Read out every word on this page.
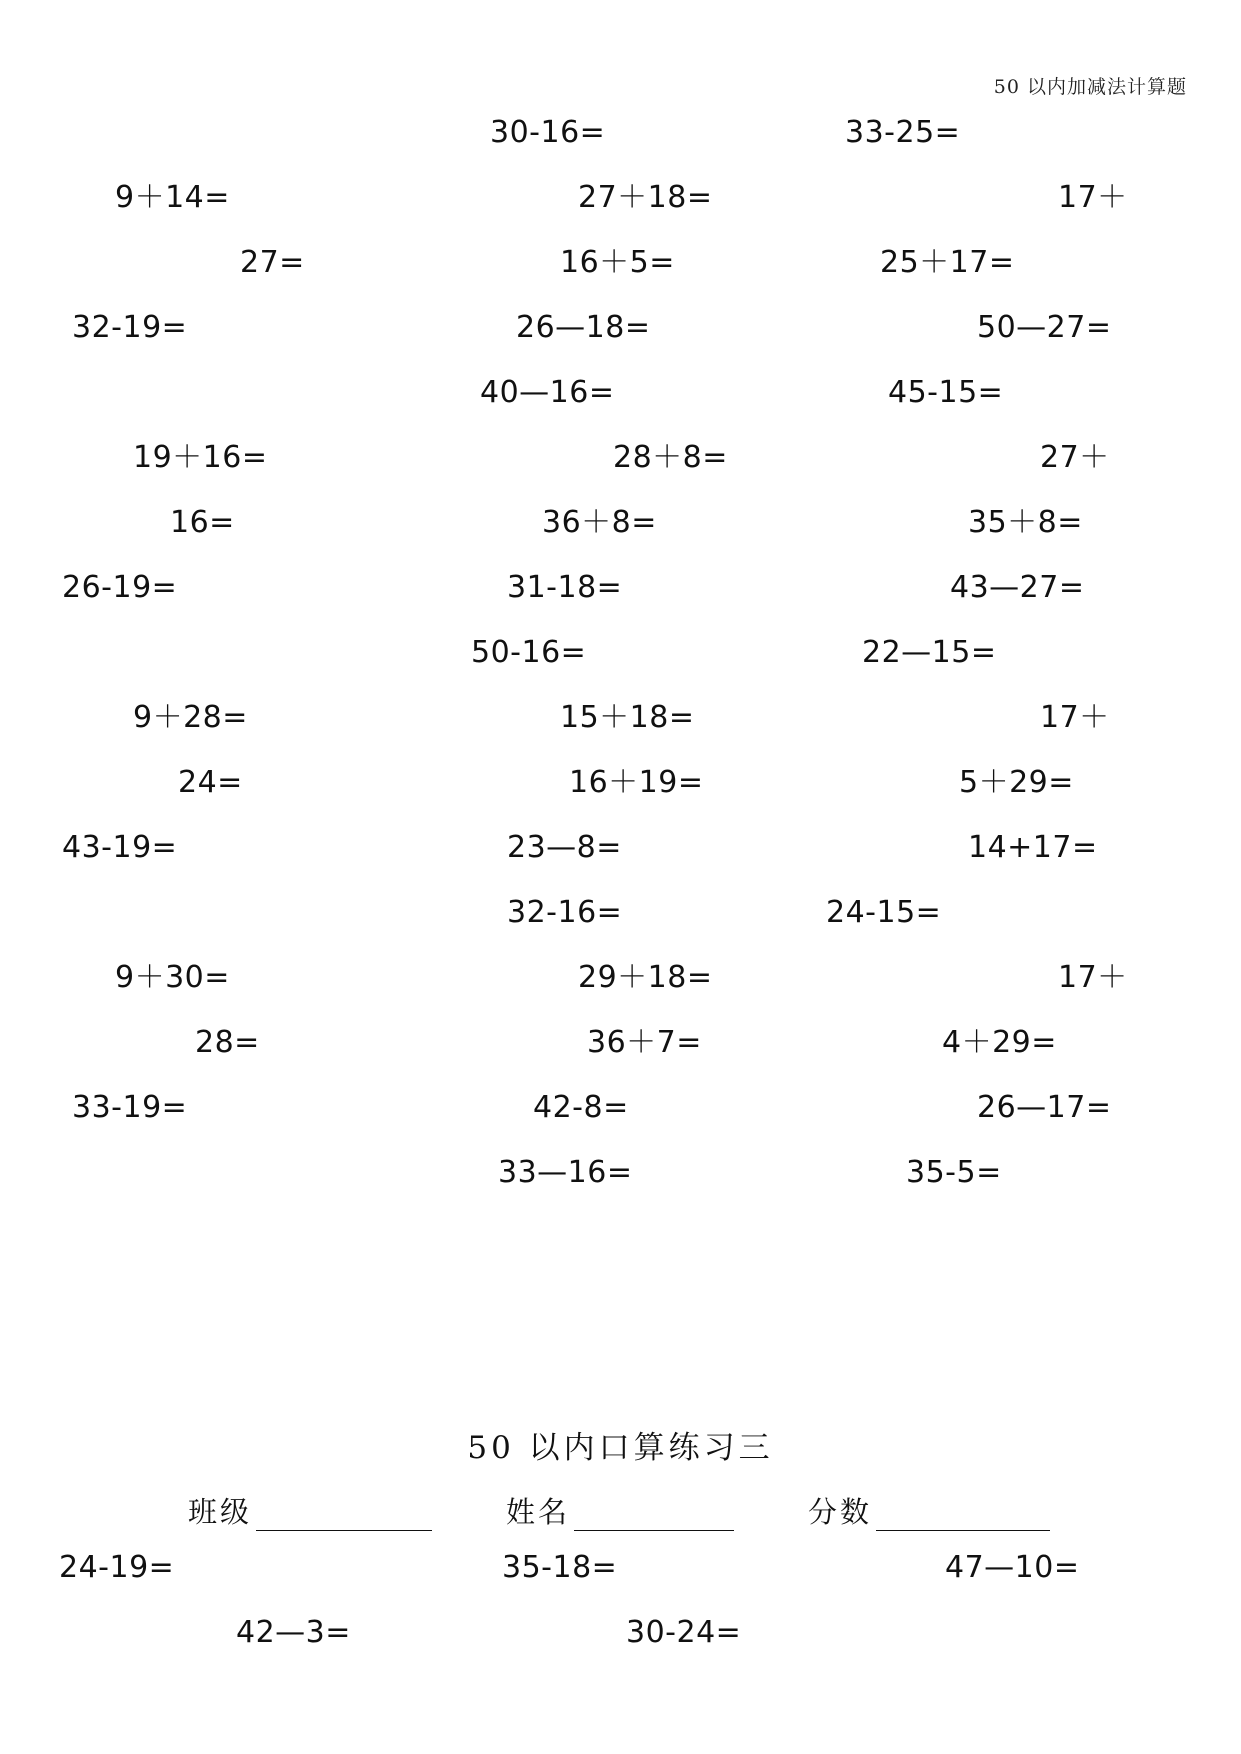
50 以内加减法计算题
30-16=	33-25=
9＋14=	27＋18=	17＋
27=	16＋5=	25＋17=
32-19=	26—18=	50—27=
40—16=	45-15=
19＋16=	28＋8=	27＋
16=	36＋8=	35＋8=
26-19=	31-18=	43—27=
50-16=	22—15=
9＋28=	15＋18=	17＋
24=	16＋19=	5＋29=
43-19=	23—8=	14+17=
32-16=	24-15=
9＋30=	29＋18=	17＋
28=	36＋7=	4＋29=
33-19=	42-8=	26—17=
33—16=	35-5=
50 以内口算练习三
班级	姓名	分数
24-19=	35-18=	47—10=
42—3=	30-24=
